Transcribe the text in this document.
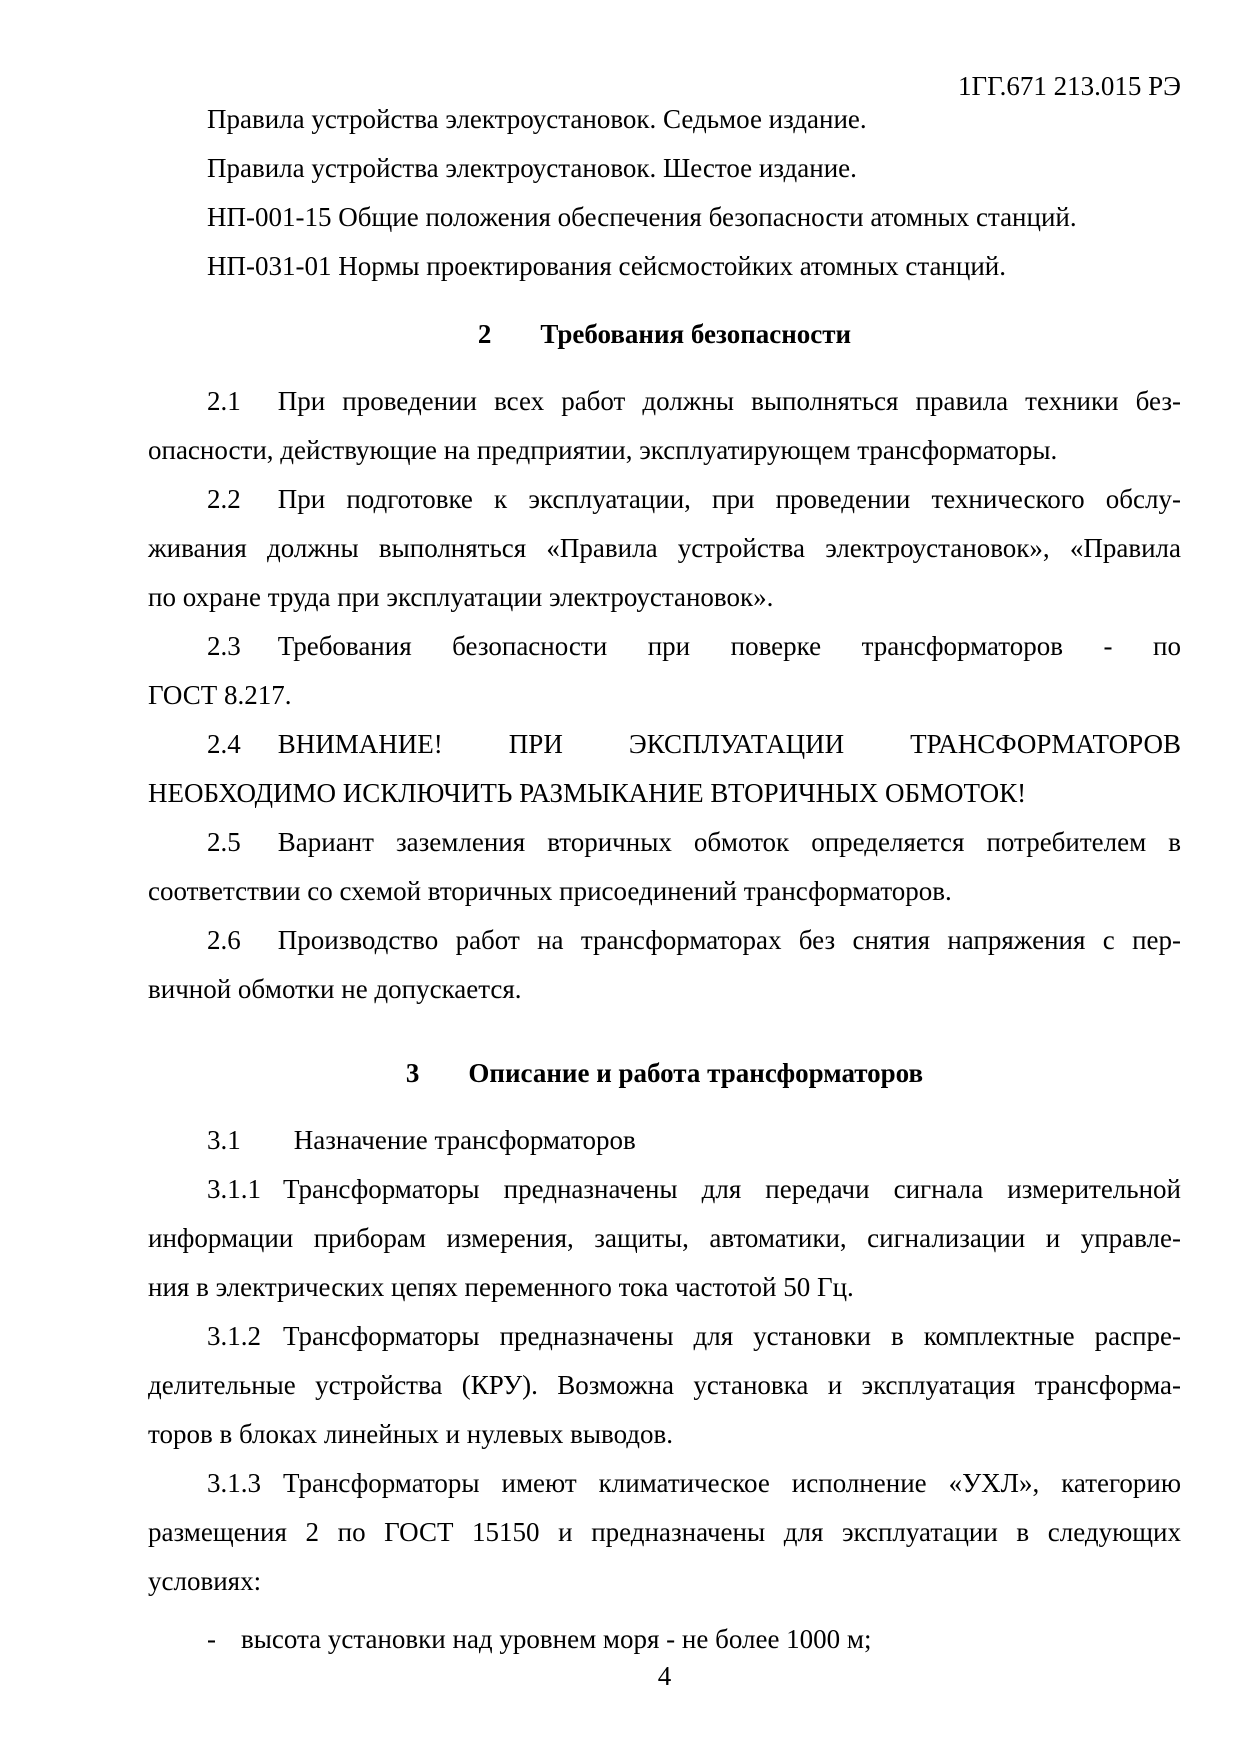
1ГГ.671 213.015 РЭ
Правила устройства электроустановок. Седьмое издание.
Правила устройства электроустановок. Шестое издание.
НП-001-15 Общие положения обеспечения безопасности атомных станций.
НП-031-01 Нормы проектирования сейсмостойких атомных станций.
2 Требования безопасности
2.1 При проведении всех работ должны выполняться правила техники без-
опасности, действующие на предприятии, эксплуатирующем трансформаторы.
2.2 При подготовке к эксплуатации, при проведении технического обслу-
живания должны выполняться «Правила устройства электроустановок», «Правила
по охране труда при эксплуатации электроустановок».
2.3 Требования безопасности при поверке трансформаторов - по
ГОСТ 8.217.
2.4 ВНИМАНИЕ! ПРИ ЭКСПЛУАТАЦИИ ТРАНСФОРМАТОРОВ
НЕОБХОДИМО ИСКЛЮЧИТЬ РАЗМЫКАНИЕ ВТОРИЧНЫХ ОБМОТОК!
2.5 Вариант заземления вторичных обмоток определяется потребителем в
соответствии со схемой вторичных присоединений трансформаторов.
2.6 Производство работ на трансформаторах без снятия напряжения с пер-
вичной обмотки не допускается.
3 Описание и работа трансформаторов
3.1 Назначение трансформаторов
3.1.1 Трансформаторы предназначены для передачи сигнала измерительной
информации приборам измерения, защиты, автоматики, сигнализации и управле-
ния в электрических цепях переменного тока частотой 50 Гц.
3.1.2 Трансформаторы предназначены для установки в комплектные распре-
делительные устройства (КРУ). Возможна установка и эксплуатация трансформа-
торов в блоках линейных и нулевых выводов.
3.1.3 Трансформаторы имеют климатическое исполнение «УХЛ», категорию
размещения 2 по ГОСТ 15150 и предназначены для эксплуатации в следующих
условиях:
- высота установки над уровнем моря - не более 1000 м;
4
